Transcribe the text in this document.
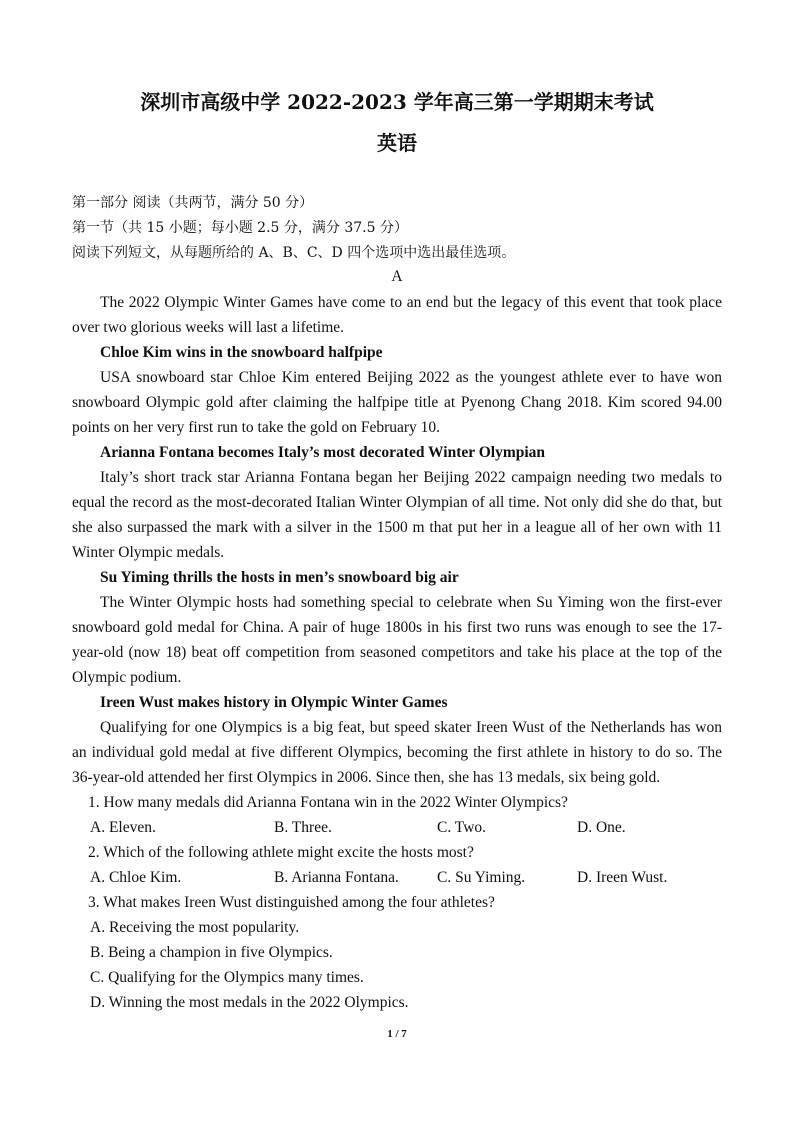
深圳市高级中学 2022-2023 学年高三第一学期期末考试
英语
第一部分 阅读（共两节，满分 50 分）
第一节（共 15 小题；每小题 2.5 分，满分 37.5 分）
阅读下列短文，从每题所给的 A、B、C、D 四个选项中选出最佳选项。
A

The 2022 Olympic Winter Games have come to an end but the legacy of this event that took place over two glorious weeks will last a lifetime.

Chloe Kim wins in the snowboard halfpipe

USA snowboard star Chloe Kim entered Beijing 2022 as the youngest athlete ever to have won snowboard Olympic gold after claiming the halfpipe title at Pyenong Chang 2018. Kim scored 94.00 points on her very first run to take the gold on February 10.

Arianna Fontana becomes Italy’s most decorated Winter Olympian

Italy’s short track star Arianna Fontana began her Beijing 2022 campaign needing two medals to equal the record as the most-decorated Italian Winter Olympian of all time. Not only did she do that, but she also surpassed the mark with a silver in the 1500 m that put her in a league all of her own with 11 Winter Olympic medals.

Su Yiming thrills the hosts in men’s snowboard big air

The Winter Olympic hosts had something special to celebrate when Su Yiming won the first-ever snowboard gold medal for China. A pair of huge 1800s in his first two runs was enough to see the 17-year-old (now 18) beat off competition from seasoned competitors and take his place at the top of the Olympic podium.

Ireen Wust makes history in Olympic Winter Games

Qualifying for one Olympics is a big feat, but speed skater Ireen Wust of the Netherlands has won an individual gold medal at five different Olympics, becoming the first athlete in history to do so. The 36-year-old attended her first Olympics in 2006. Since then, she has 13 medals, six being gold.

1. How many medals did Arianna Fontana win in the 2022 Winter Olympics?

A. Eleven.	B. Three.	C. Two.	D. One.

2. Which of the following athlete might excite the hosts most?

A. Chloe Kim.	B. Arianna Fontana.	C. Su Yiming.	D. Ireen Wust.

3. What makes Ireen Wust distinguished among the four athletes?

A. Receiving the most popularity.

B. Being a champion in five Olympics.

C. Qualifying for the Olympics many times.

D. Winning the most medals in the 2022 Olympics.

1 / 7
